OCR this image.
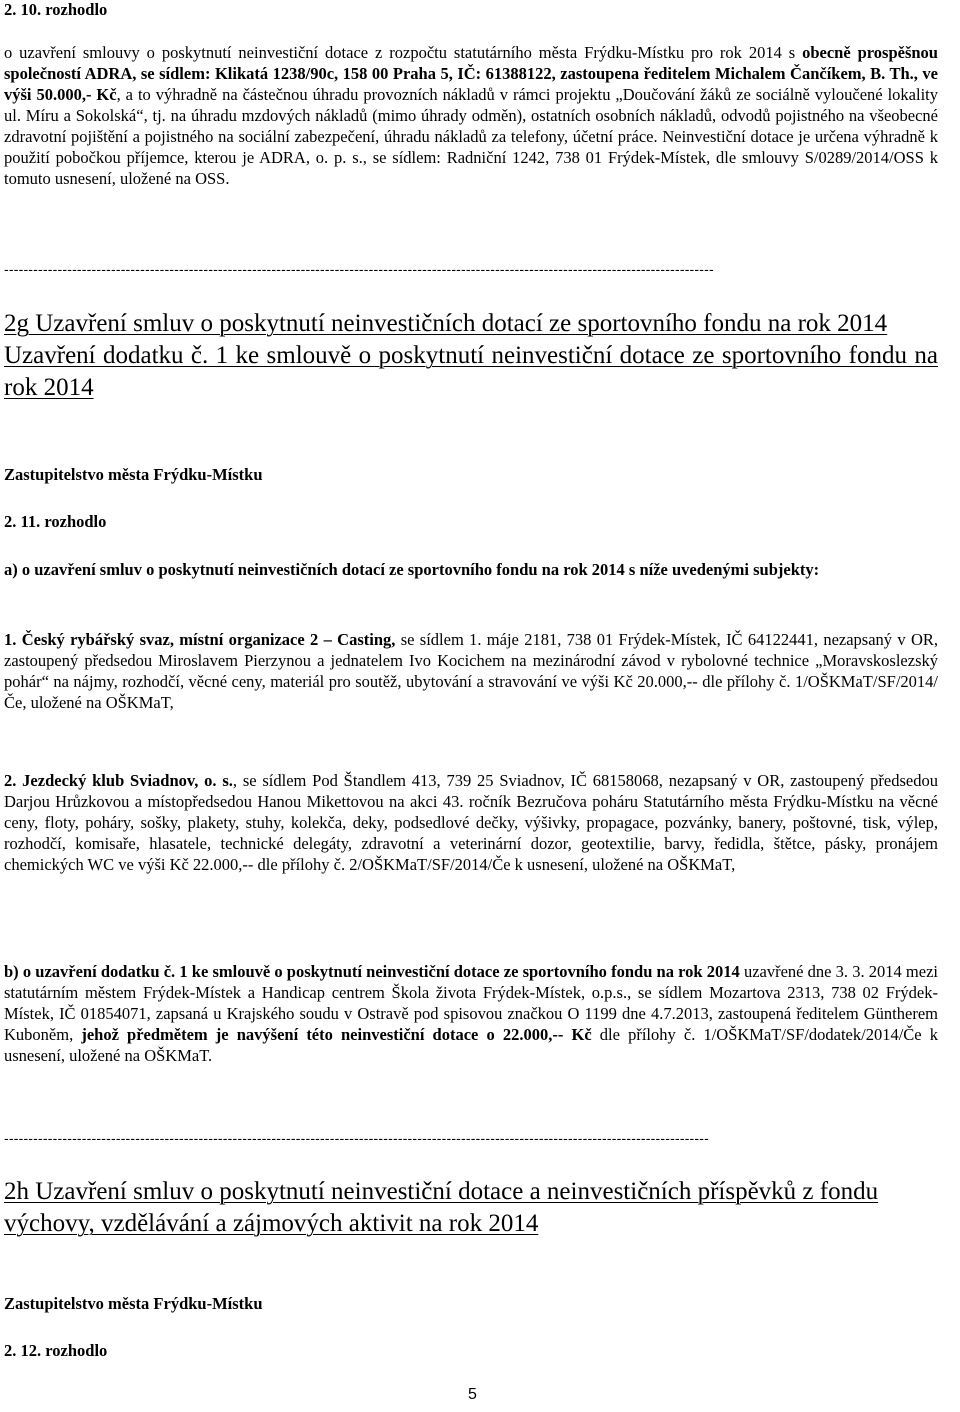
2. 10. rozhodlo

o uzavření smlouvy o poskytnutí neinvestiční dotace z rozpočtu statutárního města Frýdku-Místku pro rok 2014 s obecně prospěšnou společností ADRA, se sídlem: Klikatá 1238/90c, 158 00 Praha 5, IČ: 61388122, zastoupena ředitelem Michalem Čančíkem, B. Th., ve výši 50.000,- Kč, a to výhradně na částečnou úhradu provozních nákladů v rámci projektu „Doučování žáků ze sociálně vyloučené lokality ul. Míru a Sokolská“, tj. na úhradu mzdových nákladů (mimo úhrady odměn), ostatních osobních nákladů, odvodů pojistného na všeobecné zdravotní pojištění a pojistného na sociální zabezpečení, úhradu nákladů za telefony, účetní práce. Neinvestiční dotace je určena výhradně k použití pobočkou příjemce, kterou je ADRA, o. p. s., se sídlem: Radniční 1242, 738 01 Frýdek-Místek, dle smlouvy S/0289/2014/OSS k tomuto usnesení, uložené na OSS.

--------------------------------------------------------------------------------------------------------------------------------------------------
2g Uzavření smluv o poskytnutí neinvestičních dotací ze sportovního fondu na rok 2014
Uzavření dodatku č. 1 ke smlouvě o poskytnutí neinvestiční dotace ze sportovního fondu na rok 2014
Zastupitelstvo města Frýdku-Místku
2. 11. rozhodlo

a) o uzavření smluv o poskytnutí neinvestičních dotací ze sportovního fondu na rok 2014 s níže uvedenými subjekty:

1. Český rybářský svaz, místní organizace 2 – Casting, se sídlem 1. máje 2181, 738 01 Frýdek-Místek, IČ 64122441, nezapsaný v OR, zastoupený předsedou Miroslavem Pierzynou a jednatelem Ivo Kocichem na mezinárodní závod v rybolovné technice „Moravskoslezský pohár“ na nájmy, rozhodčí, věcné ceny, materiál pro soutěž, ubytování a stravování ve výši Kč 20.000,-- dle přílohy č. 1/OŠKMaT/SF/2014/Če, uložené na OŠKMaT,

2. Jezdecký klub Sviadnov, o. s., se sídlem Pod Štandlem 413, 739 25 Sviadnov, IČ 68158068, nezapsaný v OR, zastoupený předsedou Darjou Hrůzkovou a místopředsedou Hanou Mikettovou na akci 43. ročník Bezručova poháru Statutárního města Frýdku-Místku na věcné ceny, floty, poháry, sošky, plakety, stuhy, kolekča, deky, podsedlové dečky, výšivky, propagace, pozvánky, banery, poštovné, tisk, výlep, rozhodčí, komisaře, hlasatele, technické delegáty, zdravotní a veterinární dozor, geotextilie, barvy, ředidla, štětce, pásky, pronájem chemických WC ve výši Kč 22.000,-- dle přílohy č. 2/OŠKMaT/SF/2014/Če k usnesení, uložené na OŠKMaT,

b) o uzavření dodatku č. 1 ke smlouvě o poskytnutí neinvestiční dotace ze sportovního fondu na rok 2014 uzavřené dne 3. 3. 2014 mezi statutárním městem Frýdek-Místek a Handicap centrem Škola života Frýdek-Místek, o.p.s., se sídlem Mozartova 2313, 738 02 Frýdek-Místek, IČ 01854071, zapsaná u Krajského soudu v Ostravě pod spisovou značkou O 1199 dne 4.7.2013, zastoupená ředitelem Güntherem Kuboněm, jehož předmětem je navýšení této neinvestiční dotace o 22.000,-- Kč dle přílohy č. 1/OŠKMaT/SF/dodatek/2014/Če k usnesení, uložené na OŠKMaT.

-------------------------------------------------------------------------------------------------------------------------------------------------
2h Uzavření smluv o poskytnutí neinvestiční dotace a neinvestičních příspěvků z fondu výchovy, vzdělávání a zájmových aktivit na rok 2014
Zastupitelstvo města Frýdku-Místku
2. 12. rozhodlo
5
